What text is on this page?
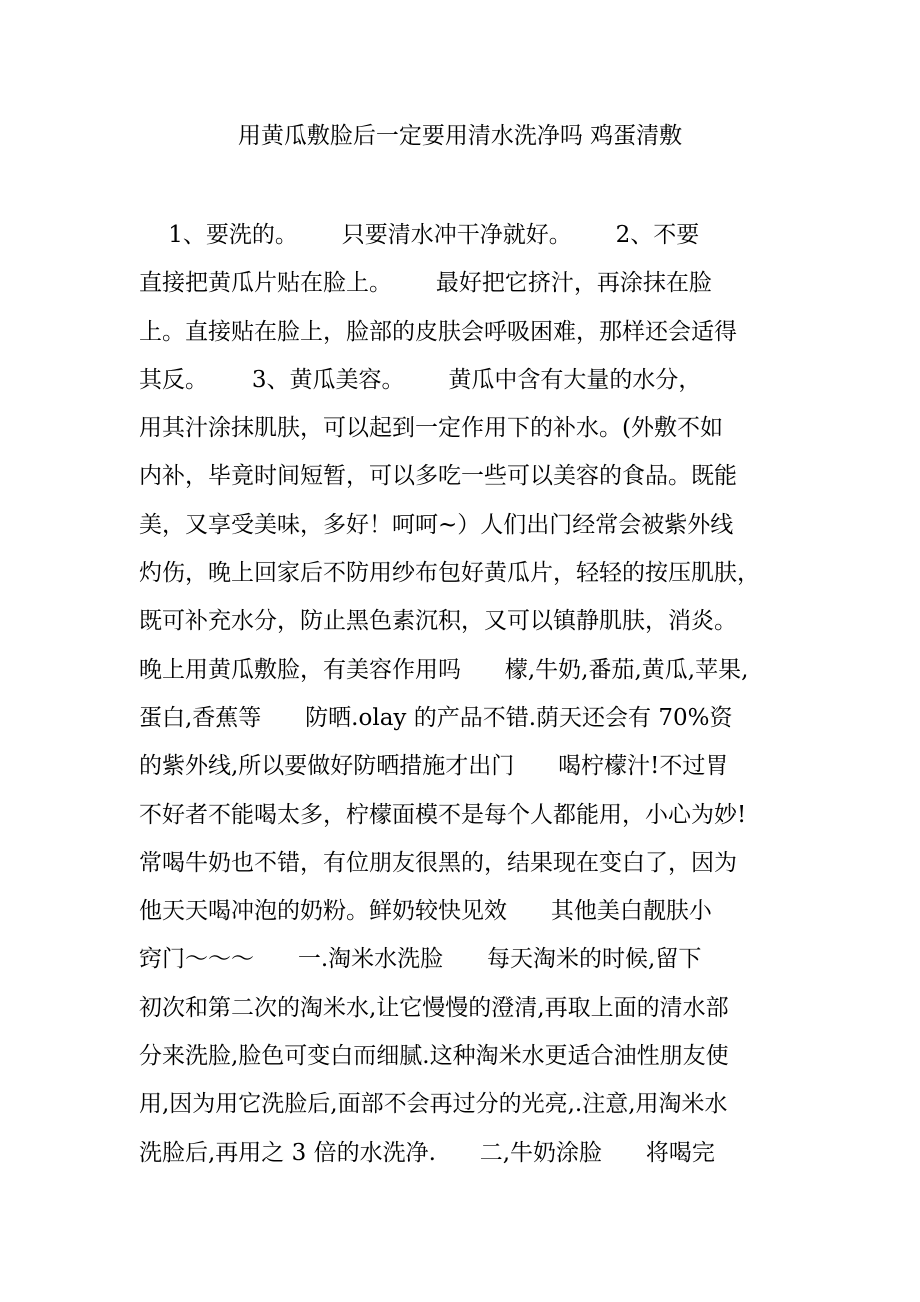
用黄瓜敷脸后一定要用清水洗净吗 鸡蛋清敷
1、要洗的。      只要清水冲干净就好。      2、不要
直接把黄瓜片贴在脸上。      最好把它挤汁，再涂抹在脸
上。直接贴在脸上，脸部的皮肤会呼吸困难，那样还会适得
其反。      3、黄瓜美容。      黄瓜中含有大量的水分，
用其汁涂抹肌肤，可以起到一定作用下的补水。(外敷不如
内补，毕竟时间短暂，可以多吃一些可以美容的食品。既能
美，又享受美味，多好！呵呵~）人们出门经常会被紫外线
灼伤，晚上回家后不防用纱布包好黄瓜片，轻轻的按压肌肤，
既可补充水分，防止黑色素沉积，又可以镇静肌肤，消炎。
晚上用黄瓜敷脸，有美容作用吗      檬,牛奶,番茄,黄瓜,苹果,
蛋白,香蕉等      防晒.olay 的产品不错.荫天还会有 70%资
的紫外线,所以要做好防晒措施才出门      喝柠檬汁!不过胃
不好者不能喝太多，柠檬面模不是每个人都能用，小心为妙!
常喝牛奶也不错，有位朋友很黑的，结果现在变白了，因为
他天天喝冲泡的奶粉。鲜奶较快见效      其他美白靓肤小
窍门～～～      一.淘米水洗脸      每天淘米的时候,留下
初次和第二次的淘米水,让它慢慢的澄清,再取上面的清水部
分来洗脸,脸色可变白而细腻.这种淘米水更适合油性朋友使
用,因为用它洗脸后,面部不会再过分的光亮,.注意,用淘米水
洗脸后,再用之 3 倍的水洗净.      二,牛奶涂脸      将喝完
